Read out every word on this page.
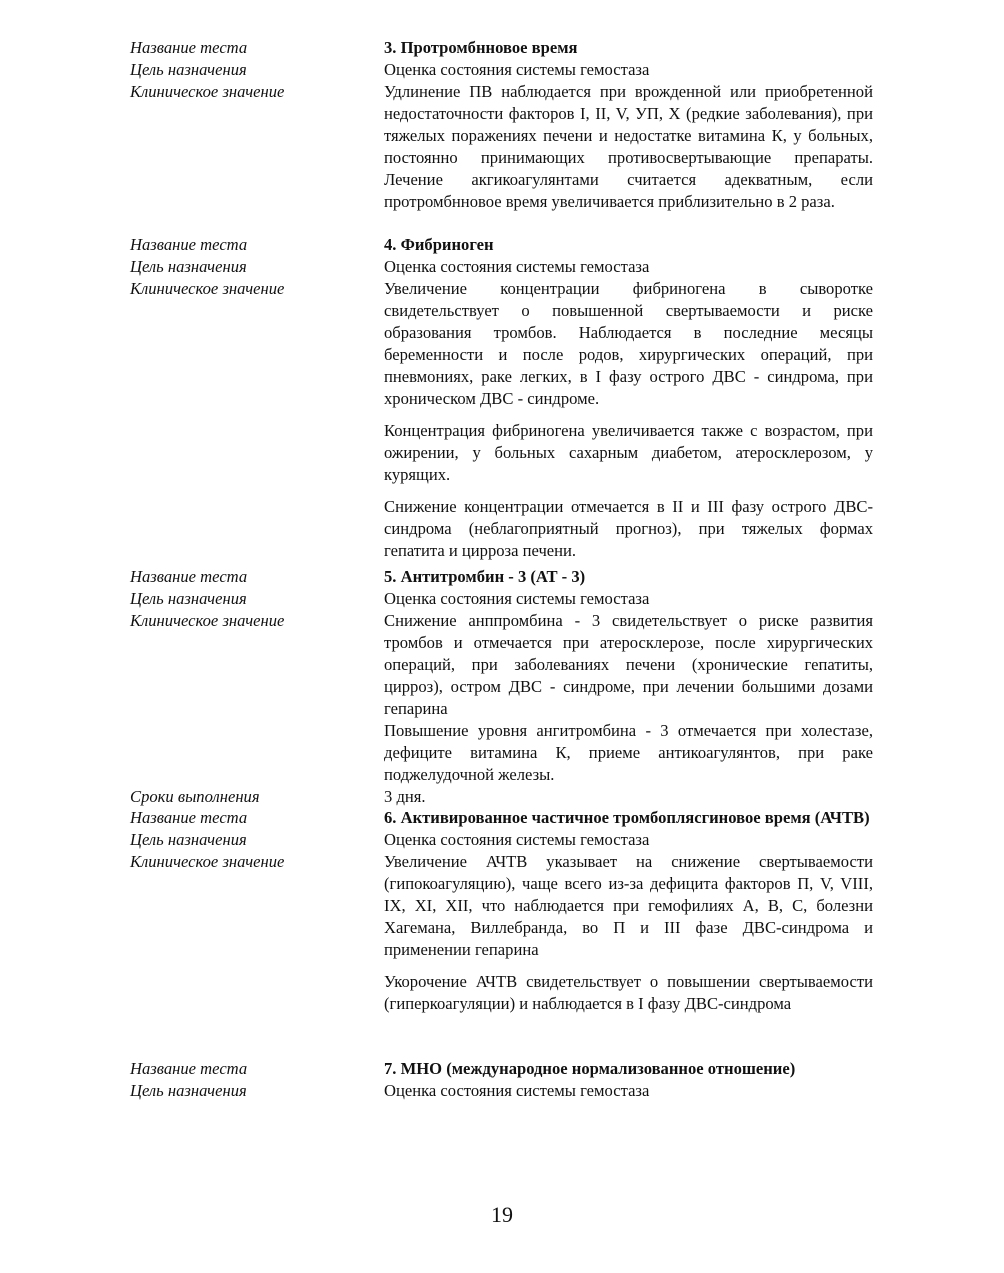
Название теста	3. Протромбнновое время
Цель назначения	Оценка состояния системы гемостаза
Клиническое значение	Удлинение ПВ наблюдается при врожденной или приобретенной недостаточности факторов I, II, V, УП, X (редкие заболевания), при тяжелых поражениях печени и недостатке витамина К, у больных, постоянно принимающих противосвертывающие препараты. Лечение акгикоагулянтами считается адекватным, если протромбнновое время увеличивается приблизительно в 2 раза.

Название теста	4. Фибриноген
Цель назначения	Оценка состояния системы гемостаза
Клиническое значение	Увеличение концентрации фибриногена в сыворотке свидетельствует о повышенной свертываемости и риске образования тромбов. Наблюдается в последние месяцы беременности и после родов, хирургических операций, при пневмониях, раке легких, в I фазу острого ДВС - синдрома, при хроническом ДВС - синдроме.

Концентрация фибриногена увеличивается также с возрастом, при ожирении, у больных сахарным диабетом, атеросклерозом, у курящих.

Снижение концентрации отмечается в II и III фазу острого ДВС-синдрома (неблагоприятный прогноз), при тяжелых формах гепатита и цирроза печени.

Название теста	5. Антитромбин - 3 (АТ - 3)
Цель назначения	Оценка состояния системы гемостаза
Клиническое значение	Снижение анппромбина - 3 свидетельствует о риске развития тромбов и отмечается при атеросклерозе, после хирургических операций, при заболеваниях печени (хронические гепатиты, цирроз), остром ДВС - синдроме, при лечении большими дозами гепарина

Повышение уровня ангитромбина - 3 отмечается при холестазе, дефиците витамина К, приеме антикоагулянтов, при раке поджелудочной железы.

Сроки выполнения	3 дня.
Название теста	6. Активированное частичное тромбоплясгиновое время (АЧТВ)
Цель назначения	Оценка состояния системы гемостаза
Клиническое значение	Увеличение АЧТВ указывает на снижение свертываемости (гипокоагуляцию), чаще всего из-за дефицита факторов П, V, VIII, IX, XI, XII, что наблюдается при гемофилиях А, В, С, болезни Хагемана, Виллебранда, во П и III фазе ДВС-синдрома и применении гепарина

Укорочение АЧТВ свидетельствует о повышении свертываемости (гиперкоагуляции) и наблюдается в I фазу ДВС-синдрома

Название теста	7. МНО (международное нормализованное отношение)
Цель назначения	Оценка состояния системы гемостаза
19
